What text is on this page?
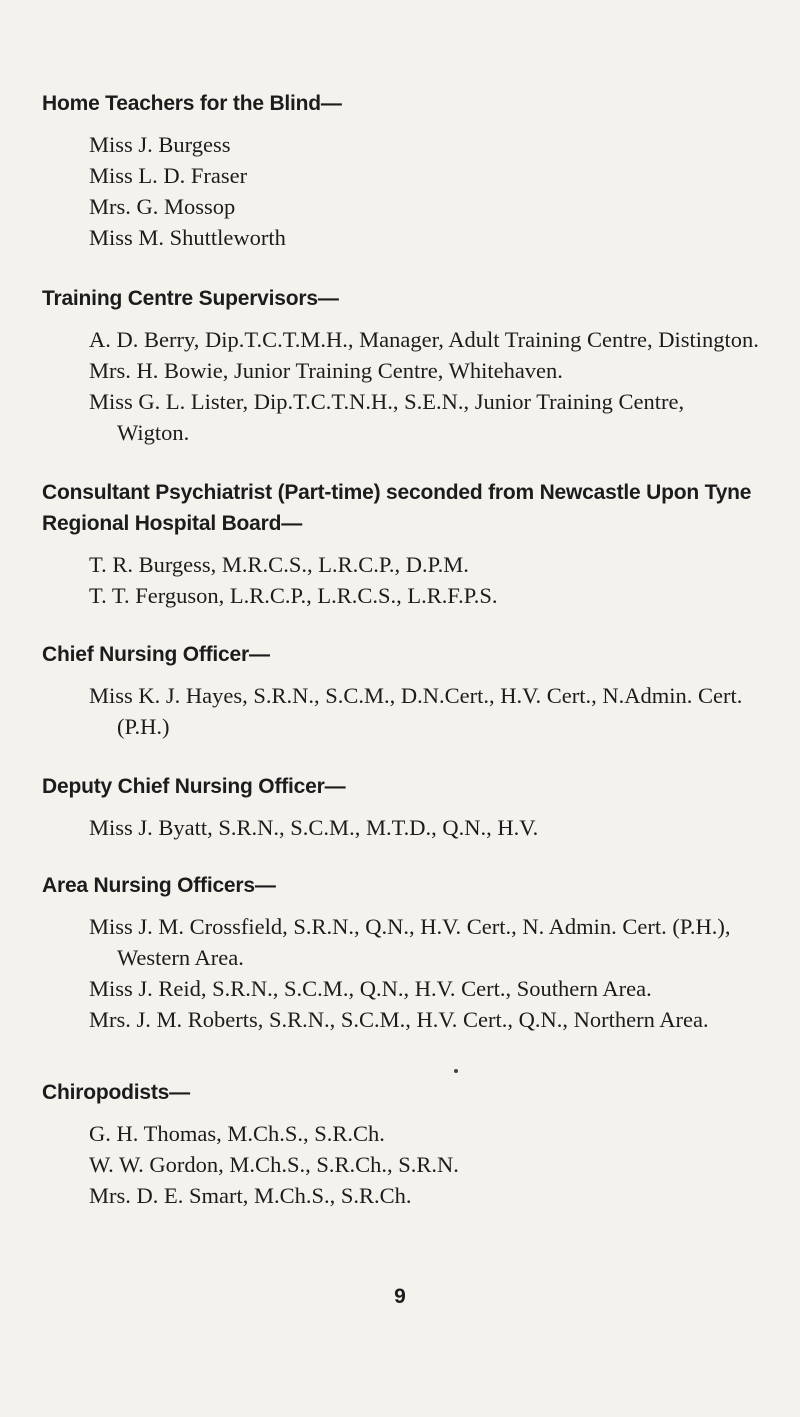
Home Teachers for the Blind—

Miss J. Burgess

Miss L. D. Fraser

Mrs. G. Mossop

Miss M. Shuttleworth

Training Centre Supervisors—

A. D. Berry, Dip.T.C.T.M.H., Manager, Adult Training Centre, Distington.

Mrs. H. Bowie, Junior Training Centre, Whitehaven.

Miss G. L. Lister, Dip.T.C.T.N.H., S.E.N., Junior Training Centre, Wigton.

Consultant Psychiatrist (Part-time) seconded from Newcastle Upon Tyne Regional Hospital Board—

T. R. Burgess, M.R.C.S., L.R.C.P., D.P.M.

T. T. Ferguson, L.R.C.P., L.R.C.S., L.R.F.P.S.

Chief Nursing Officer—

Miss K. J. Hayes, S.R.N., S.C.M., D.N.Cert., H.V. Cert., N.Admin. Cert. (P.H.)

Deputy Chief Nursing Officer—

Miss J. Byatt, S.R.N., S.C.M., M.T.D., Q.N., H.V.

Area Nursing Officers—

Miss J. M. Crossfield, S.R.N., Q.N., H.V. Cert., N. Admin. Cert. (P.H.), Western Area.

Miss J. Reid, S.R.N., S.C.M., Q.N., H.V. Cert., Southern Area.

Mrs. J. M. Roberts, S.R.N., S.C.M., H.V. Cert., Q.N., Northern Area.

Chiropodists—

G. H. Thomas, M.Ch.S., S.R.Ch.

W. W. Gordon, M.Ch.S., S.R.Ch., S.R.N.

Mrs. D. E. Smart, M.Ch.S., S.R.Ch.

9
